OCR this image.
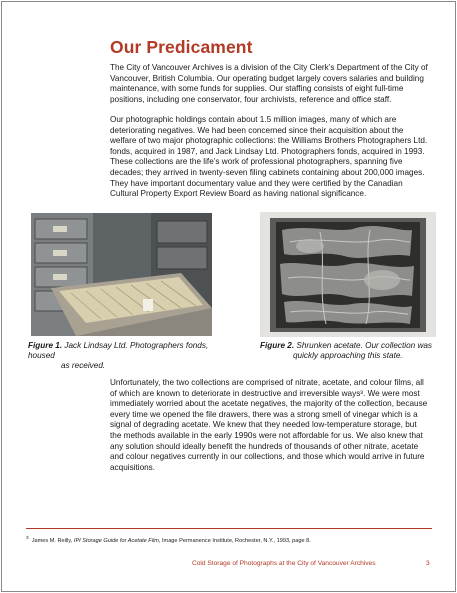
Our Predicament

The City of Vancouver Archives is a division of the City Clerk’s Department of the City of Vancouver, British Columbia. Our operating budget largely covers salaries and building maintenance, with some funds for supplies. Our staffing consists of eight full-time positions, including one conservator, four archivists, reference and office staff.

Our photographic holdings contain about 1.5 million images, many of which are deteriorating negatives. We had been concerned since their acquisition about the welfare of two major photographic collections: the Williams Brothers Photographers Ltd. fonds, acquired in 1987, and Jack Lindsay Ltd. Photographers fonds, acquired in 1993. These collections are the life’s work of professional photographers, spanning five decades; they arrived in twenty-seven filing cabinets containing about 200,000 images. They have important documentary value and they were certified by the Canadian Cultural Property Export Review Board as having national significance.

Figure 1. Jack Lindsay Ltd. Photographers fonds, housed
as received.

Figure 2. Shrunken acetate. Our collection was
quickly approaching this state.

Unfortunately, the two collections are comprised of nitrate, acetate, and colour films, all of which are known to deteriorate in destructive and irreversible ways³. We were most immediately worried about the acetate negatives, the majority of the collection, because every time we opened the file drawers, there was a strong smell of vinegar which is a signal of degrading acetate. We knew that they needed low-temperature storage, but the methods available in the early 1990s were not affordable for us. We also knew that any solution should ideally benefit the hundreds of thousands of other nitrate, acetate and colour negatives currently in our collections, and those which would arrive in future acquisitions.

$^3$  James M. Reilly, IPI Storage Guide for Acetate Film, Image Permanence Institute, Rochester, N.Y., 1993, page 8.
Cold Storage of Photographs at the City of Vancouver Archives	3
